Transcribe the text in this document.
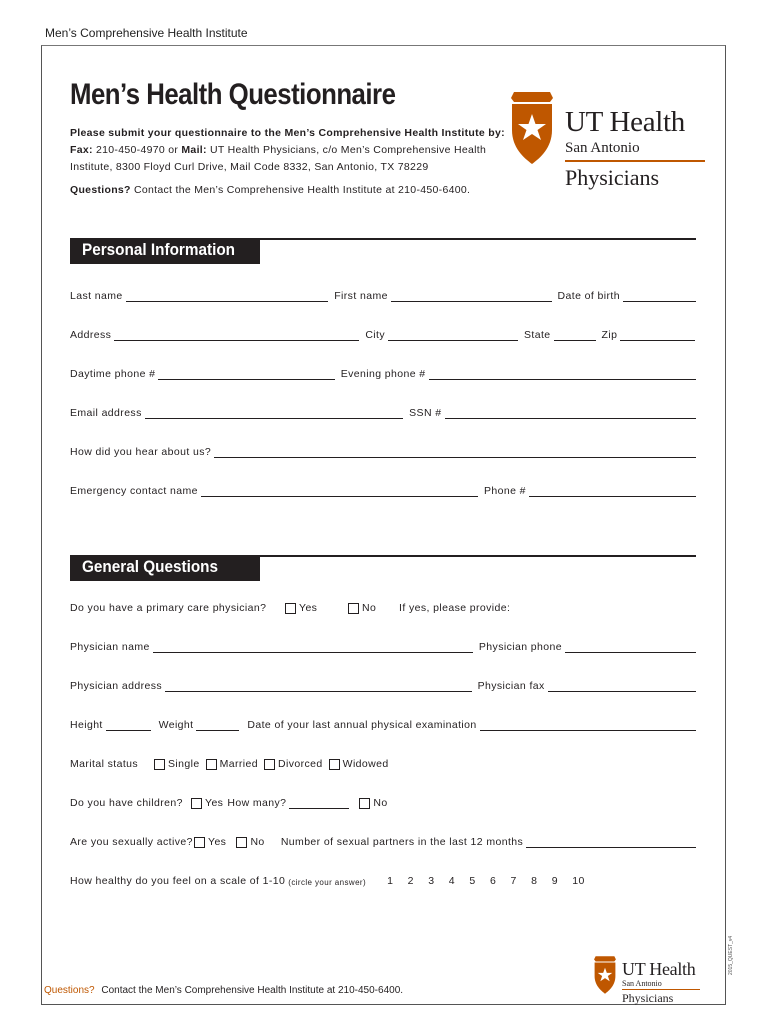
Men’s Comprehensive Health Institute
Men’s Health Questionnaire
Please submit your questionnaire to the Men’s Comprehensive Health Institute by:
Fax: 210-450-4970 or Mail: UT Health Physicians, c/o Men’s Comprehensive Health
Institute, 8300 Floyd Curl Drive, Mail Code 8332, San Antonio, TX 78229
Questions? Contact the Men’s Comprehensive Health Institute at 210-450-6400.
UT Health
San Antonio
Physicians
Personal Information
Last name	First name	Date of birth
Address	City	State	Zip
Daytime phone #	Evening phone #
Email address	SSN #
How did you hear about us?
Emergency contact name	Phone #
General Questions
Do you have a primary care physician?	Yes	No If yes, please provide:
Physician name	Physician phone
Physician address	Physician fax
Height	Weight	Date of your last annual physical examination
Marital status	Single Married Divorced Widowed
Do you have children?	Yes How many?	No
Are you sexually active? Yes No Number of sexual partners in the last 12 months
How healthy do you feel on a scale of 1-10 (circle your answer) 1 2 3 4 5 6 7 8 9 10
Questions? Contact the Men’s Comprehensive Health Institute at 210-450-6400.
UT Health
San Antonio
Physicians
2015_QUEST_v4
